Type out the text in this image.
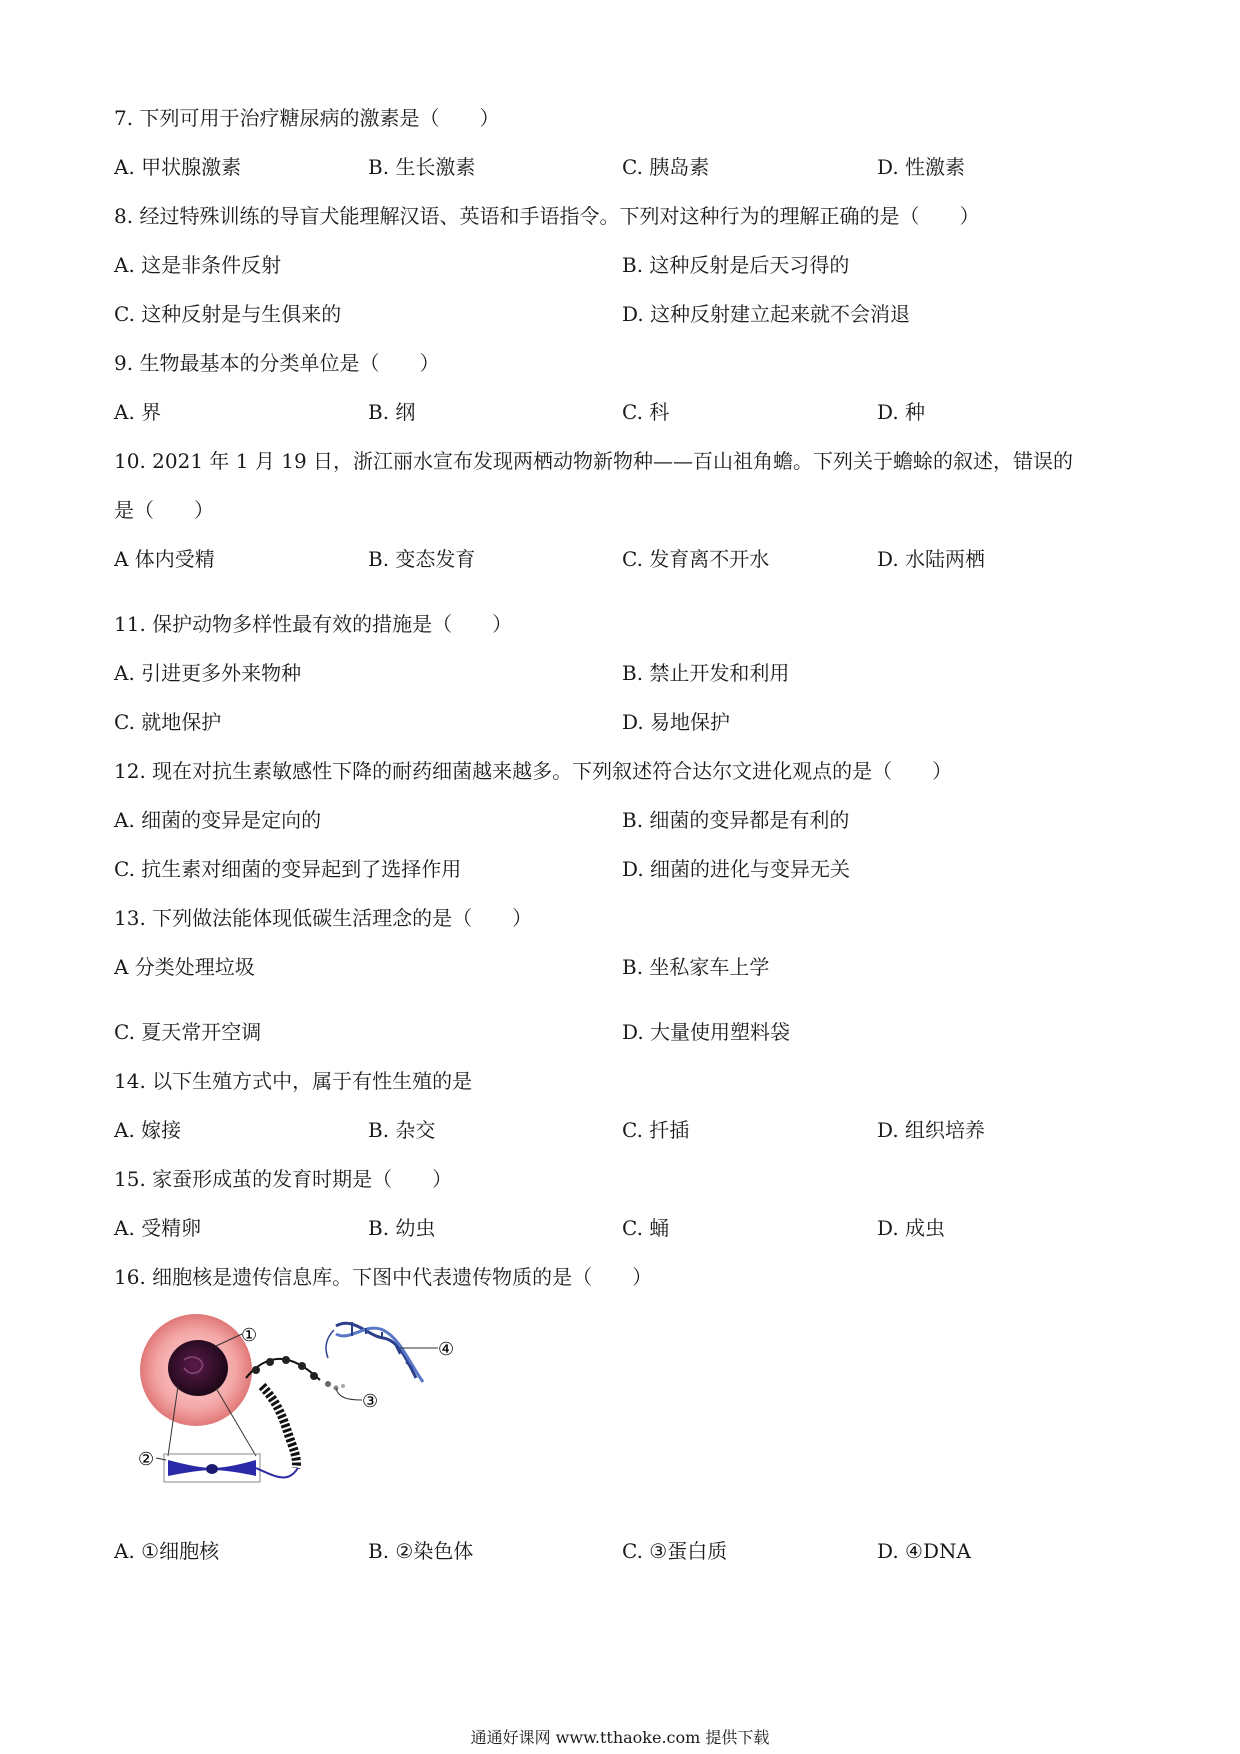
7. 下列可用于治疗糖尿病的激素是（　　）
A. 甲状腺激素	B. 生长激素	C. 胰岛素	D. 性激素
8. 经过特殊训练的导盲犬能理解汉语、英语和手语指令。下列对这种行为的理解正确的是（　　）
A. 这是非条件反射	B. 这种反射是后天习得的
C. 这种反射是与生俱来的	D. 这种反射建立起来就不会消退
9. 生物最基本的分类单位是（　　）
A. 界	B. 纲	C. 科	D. 种
10. 2021 年 1 月 19 日，浙江丽水宣布发现两栖动物新物种——百山祖角蟾。下列关于蟾蜍的叙述，错误的
是（　　）
A 体内受精	B. 变态发育	C. 发育离不开水	D. 水陆两栖
11. 保护动物多样性最有效的措施是（　　）
A. 引进更多外来物种	B. 禁止开发和利用
C. 就地保护	D. 易地保护
12. 现在对抗生素敏感性下降的耐药细菌越来越多。下列叙述符合达尔文进化观点的是（　　）
A. 细菌的变异是定向的	B. 细菌的变异都是有利的
C. 抗生素对细菌的变异起到了选择作用	D. 细菌的进化与变异无关
13. 下列做法能体现低碳生活理念的是（　　）
A 分类处理垃圾	B. 坐私家车上学
C. 夏天常开空调	D. 大量使用塑料袋
14. 以下生殖方式中，属于有性生殖的是
A. 嫁接	B. 杂交	C. 扦插	D. 组织培养
15. 家蚕形成茧的发育时期是（　　）
A. 受精卵	B. 幼虫	C. 蛹	D. 成虫
16. 细胞核是遗传信息库。下图中代表遗传物质的是（　　）
①
④
③
②
A. ①细胞核	B. ②染色体	C. ③蛋白质	D. ④DNA
通通好课网 www.tthaoke.com 提供下载
